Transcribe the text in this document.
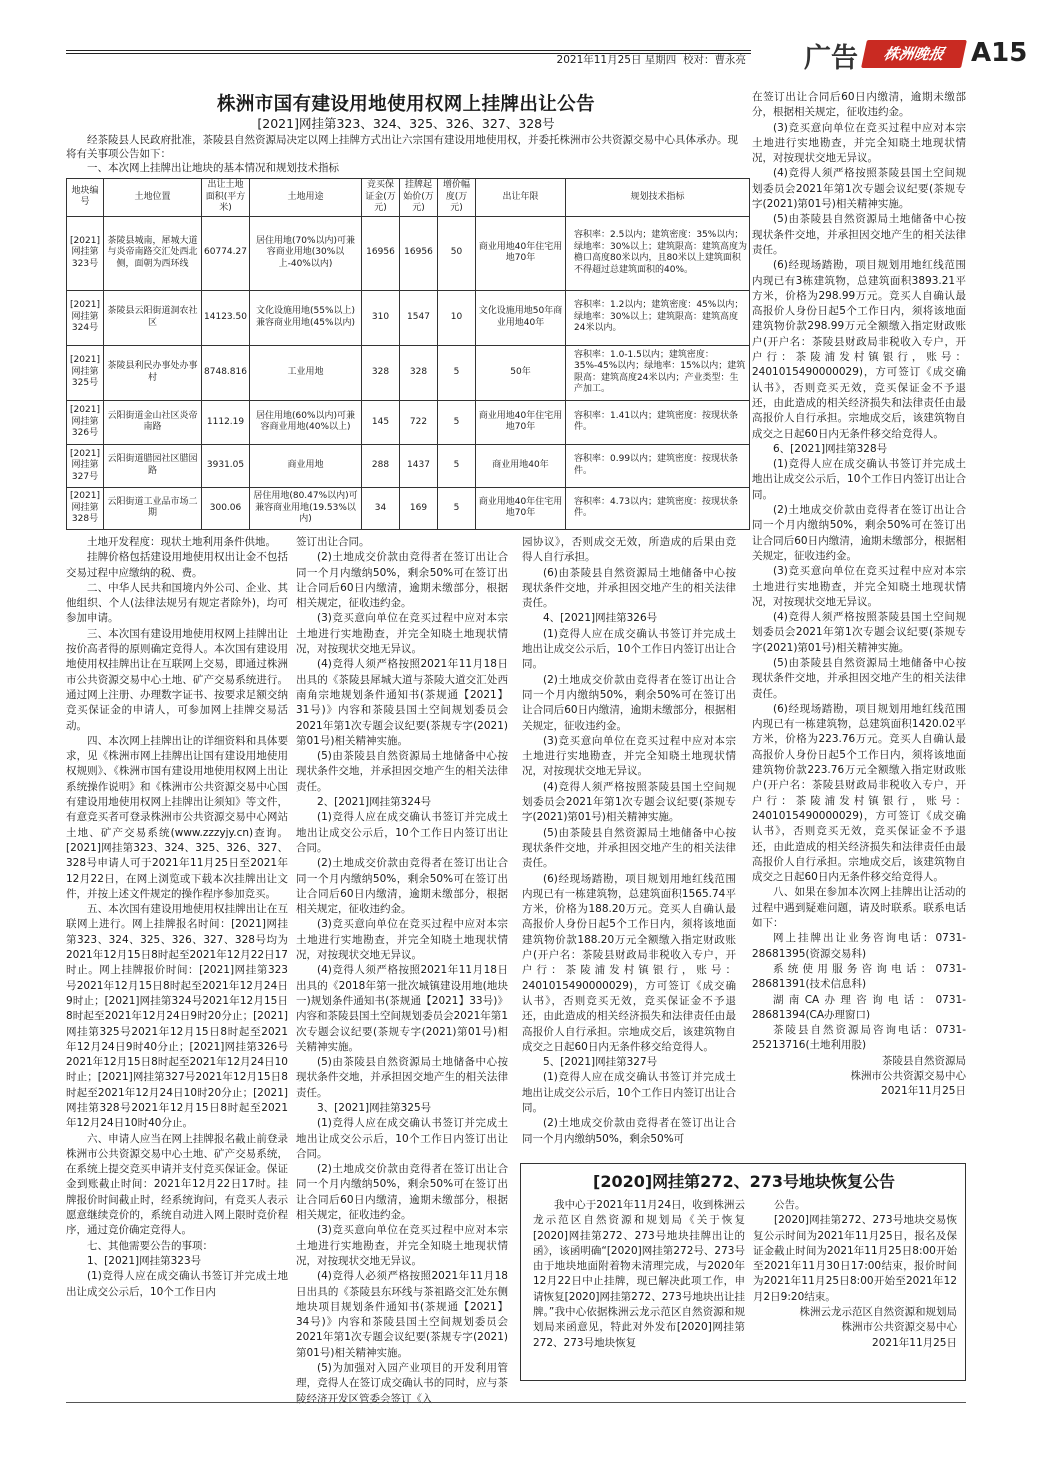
2021年11月25日 星期四 校对：曹永亮 广告	株洲晚报 A15
株洲市国有建设用地使用权网上挂牌出让公告
[2021]网挂第323、324、325、326、327、328号

经茶陵县人民政府批准，茶陵县自然资源局决定以网上挂牌方式出让六宗国有建设用地使用权，并委托株洲市公共资源交易中心具体承办。现将有关事项公告如下：

一、本次网上挂牌出让地块的基本情况和规划技术指标

地块编号	土地位置	出让土地面积(平方米)	土地用途	竞买保证金(万元)	挂牌起始价(万元)	增价幅度(万元)	出让年限	规划技术指标
[2021]网挂第323号	茶陵县城南，犀城大道与炎帝南路交汇处西北侧，面朝为西环线	60774.27	居住用地(70%以内)可兼容商业用地(30%以上-40%以内)	16956	16956	50	商业用地40年住宅用地70年	容积率：2.5以内；建筑密度：35%以内；绿地率：30%以上；建筑限高：建筑高度为檐口高度80米以内，且80米以上建筑面积不得超过总建筑面积的40%。
[2021]网挂第324号	茶陵县云阳街道洞农社区	14123.50	文化设施用地(55%以上)兼容商业用地(45%以内)	310	1547	10	文化设施用地50年商业用地40年	容积率：1.2以内；建筑密度：45%以内；绿地率：30%以上；建筑限高：建筑高度24米以内。
[2021]网挂第325号	茶陵县利民办事处办事村	8748.816	工业用地	328	328	5	50年	容积率：1.0-1.5以内；建筑密度：35%-45%以内；绿地率：15%以内；建筑限高：建筑高度24米以内；产业类型：生产加工。
[2021]网挂第326号	云阳街道金山社区炎帝南路	1112.19	居住用地(60%以内)可兼容商业用地(40%以上)	145	722	5	商业用地40年住宅用地70年	容积率：1.41以内；建筑密度：按现状条件。
[2021]网挂第327号	云阳街道腊园社区腊园路	3931.05	商业用地	288	1437	5	商业用地40年	容积率：0.99以内；建筑密度：按现状条件。
[2021]网挂第328号	云阳街道工业品市场二期	300.06	居住用地(80.47%以内)可兼容商业用地(19.53%以内)	34	169	5	商业用地40年住宅用地70年	容积率：4.73以内；建筑密度：按现状条件。

土地开发程度：现状土地利用条件供地。

挂牌价格包括建设用地使用权出让金不包括交易过程中应缴纳的税、费。

二、中华人民共和国境内外公司、企业、其他组织、个人(法律法规另有规定者除外)，均可参加申请。

三、本次国有建设用地使用权网上挂牌出让按价高者得的原则确定竞得人。本次国有建设用地使用权挂牌出让在互联网上交易，即通过株洲市公共资源交易中心土地、矿产交易系统进行。通过网上注册、办理数字证书、按要求足额交纳竞买保证金的申请人，可参加网上挂牌交易活动。

四、本次网上挂牌出让的详细资料和具体要求，见《株洲市网上挂牌出让国有建设用地使用权规则》、《株洲市国有建设用地使用权网上出让系统操作说明》和《株洲市公共资源交易中心国有建设用地使用权网上挂牌出让须知》等文件，有意竞买者可登录株洲市公共资源交易中心网站土地、矿产交易系统(www.zzzyjy.cn)查询。[2021]网挂第323、324、325、326、327、328号申请人可于2021年11月25日至2021年12月22日，在网上浏览或下载本次挂牌出让文件，并按上述文件规定的操作程序参加竞买。

五、本次国有建设用地使用权挂牌出让在互联网上进行。网上挂牌报名时间：[2021]网挂第323、324、325、326、327、328号均为2021年12月15日8时起至2021年12月22日17时止。网上挂牌报价时间：[2021]网挂第323号2021年12月15日8时起至2021年12月24日9时止；[2021]网挂第324号2021年12月15日8时起至2021年12月24日9时20分止；[2021]网挂第325号2021年12月15日8时起至2021年12月24日9时40分止；[2021]网挂第326号2021年12月15日8时起至2021年12月24日10时止；[2021]网挂第327号2021年12月15日8时起至2021年12月24日10时20分止；[2021]网挂第328号2021年12月15日8时起至2021年12月24日10时40分止。

六、申请人应当在网上挂牌报名截止前登录株洲市公共资源交易中心土地、矿产交易系统，在系统上提交竞买申请并支付竞买保证金。保证金到账截止时间：2021年12月22日17时。挂牌报价时间截止时，经系统询问，有竞买人表示愿意继续竞价的，系统自动进入网上限时竞价程序，通过竞价确定竞得人。

七、其他需要公告的事项：

1、[2021]网挂第323号

(1)竞得人应在成交确认书签订并完成土地出让成交公示后，10个工作日内

签订出让合同。

(2)土地成交价款由竞得者在签订出让合同一个月内缴纳50%，剩余50%可在签订出让合同后60日内缴清，逾期未缴部分，根据相关规定，征收违约金。

(3)竞买意向单位在竞买过程中应对本宗土地进行实地勘查，并完全知晓土地现状情况，对按现状交地无异议。

(4)竞得人须严格按照2021年11月18日出具的《茶陵县犀城大道与茶陵大道交汇处西南角宗地规划条件通知书(茶规通【2021】31号)》内容和茶陵县国土空间规划委员会2021年第1次专题会议纪要(茶规专字(2021)第01号)相关精神实施。

(5)由茶陵县自然资源局土地储备中心按现状条件交地，并承担因交地产生的相关法律责任。

2、[2021]网挂第324号

(1)竞得人应在成交确认书签订并完成土地出让成交公示后，10个工作日内签订出让合同。

(2)土地成交价款由竞得者在签订出让合同一个月内缴纳50%，剩余50%可在签订出让合同后60日内缴清，逾期未缴部分，根据相关规定，征收违约金。

(3)竞买意向单位在竞买过程中应对本宗土地进行实地勘查，并完全知晓土地现状情况，对按现状交地无异议。

(4)竞得人须严格按照2021年11月18日出具的《2018年第一批次城镇建设用地(地块一)规划条件通知书(茶规通【2021】33号)》内容和茶陵县国土空间规划委员会2021年第1次专题会议纪要(茶规专字(2021)第01号)相关精神实施。

(5)由茶陵县自然资源局土地储备中心按现状条件交地，并承担因交地产生的相关法律责任。

3、[2021]网挂第325号

(1)竞得人应在成交确认书签订并完成土地出让成交公示后，10个工作日内签订出让合同。

(2)土地成交价款由竞得者在签订出让合同一个月内缴纳50%，剩余50%可在签订出让合同后60日内缴清，逾期未缴部分，根据相关规定，征收违约金。

(3)竞买意向单位在竞买过程中应对本宗土地进行实地勘查，并完全知晓土地现状情况，对按现状交地无异议。

(4)竞得人必须严格按照2021年11月18日出具的《茶陵县东环线与茶祖路交汇处东侧地块项目规划条件通知书(茶规通【2021】34号)》内容和茶陵县国土空间规划委员会2021年第1次专题会议纪要(茶规专字(2021)第01号)相关精神实施。

(5)为加强对入园产业项目的开发利用管理，竞得人在签订成交确认书的同时，应与茶陵经济开发区管委会签订《入

园协议》，否则成交无效，所造成的后果由竞得人自行承担。

(6)由茶陵县自然资源局土地储备中心按现状条件交地，并承担因交地产生的相关法律责任。

4、[2021]网挂第326号

(1)竞得人应在成交确认书签订并完成土地出让成交公示后，10个工作日内签订出让合同。

(2)土地成交价款由竞得者在签订出让合同一个月内缴纳50%，剩余50%可在签订出让合同后60日内缴清，逾期未缴部分，根据相关规定，征收违约金。

(3)竞买意向单位在竞买过程中应对本宗土地进行实地勘查，并完全知晓土地现状情况，对按现状交地无异议。

(4)竞得人须严格按照茶陵县国土空间规划委员会2021年第1次专题会议纪要(茶规专字(2021)第01号)相关精神实施。

(5)由茶陵县自然资源局土地储备中心按现状条件交地，并承担因交地产生的相关法律责任。

(6)经现场踏勘，项目规划用地红线范围内现已有一栋建筑物，总建筑面积1565.74平方米，价格为188.20万元。竞买人自确认最高报价人身份日起5个工作日内，须将该地面建筑物价款188.20万元全额缴入指定财政账户(开户名：茶陵县财政局非税收入专户，开户行：茶陵浦发村镇银行，账号：2401015490000029)，方可签订《成交确认书》，否则竞买无效，竞买保证金不予退还，由此造成的相关经济损失和法律责任由最高报价人自行承担。宗地成交后，该建筑物自成交之日起60日内无条件移交给竞得人。

5、[2021]网挂第327号

(1)竞得人应在成交确认书签订并完成土地出让成交公示后，10个工作日内签订出让合同。

(2)土地成交价款由竞得者在签订出让合同一个月内缴纳50%，剩余50%可

在签订出让合同后60日内缴清，逾期未缴部分，根据相关规定，征收违约金。

(3)竞买意向单位在竞买过程中应对本宗土地进行实地勘查，并完全知晓土地现状情况，对按现状交地无异议。

(4)竞得人须严格按照茶陵县国土空间规划委员会2021年第1次专题会议纪要(茶规专字(2021)第01号)相关精神实施。

(5)由茶陵县自然资源局土地储备中心按现状条件交地，并承担因交地产生的相关法律责任。

(6)经现场踏勘，项目规划用地红线范围内现已有3栋建筑物，总建筑面积3893.21平方米，价格为298.99万元。竞买人自确认最高报价人身份日起5个工作日内，须将该地面建筑物价款298.99万元全额缴入指定财政账户(开户名：茶陵县财政局非税收入专户，开户行：茶陵浦发村镇银行，账号：2401015490000029)，方可签订《成交确认书》，否则竞买无效，竞买保证金不予退还，由此造成的相关经济损失和法律责任由最高报价人自行承担。宗地成交后，该建筑物自成交之日起60日内无条件移交给竞得人。

6、[2021]网挂第328号

(1)竞得人应在成交确认书签订并完成土地出让成交公示后，10个工作日内签订出让合同。

(2)土地成交价款由竞得者在签订出让合同一个月内缴纳50%，剩余50%可在签订出让合同后60日内缴清，逾期未缴部分，根据相关规定，征收违约金。

(3)竞买意向单位在竞买过程中应对本宗土地进行实地勘查，并完全知晓土地现状情况，对按现状交地无异议。

(4)竞得人须严格按照茶陵县国土空间规划委员会2021年第1次专题会议纪要(茶规专字(2021)第01号)相关精神实施。

(5)由茶陵县自然资源局土地储备中心按现状条件交地，并承担因交地产生的相关法律责任。

(6)经现场踏勘，项目规划用地红线范围内现已有一栋建筑物，总建筑面积1420.02平方米，价格为223.76万元。竞买人自确认最高报价人身份日起5个工作日内，须将该地面建筑物价款223.76万元全额缴入指定财政账户(开户名：茶陵县财政局非税收入专户，开户行：茶陵浦发村镇银行，账号：2401015490000029)，方可签订《成交确认书》，否则竞买无效，竞买保证金不予退还，由此造成的相关经济损失和法律责任由最高报价人自行承担。宗地成交后，该建筑物自成交之日起60日内无条件移交给竞得人。

八、如果在参加本次网上挂牌出让活动的过程中遇到疑难问题，请及时联系。联系电话如下：

网上挂牌出让业务咨询电话：0731-28681395(资源交易科)

系统使用服务咨询电话：0731-28681391(技术信息科)

湖南CA办理咨询电话：0731-28681394(CA办理窗口)

茶陵县自然资源局咨询电话：0731-25213716(土地利用股)

茶陵县自然资源局

株洲市公共资源交易中心

2021年11月25日

[2020]网挂第272、273号地块恢复公告

我中心于2021年11月24日，收到株洲云龙示范区自然资源和规划局《关于恢复[2020]网挂第272、273号地块挂牌出让的函》，该函明确“[2020]网挂第272号、273号由于地块地面附着物未清理完成，与2020年12月22日中止挂牌，现已解决此项工作，申请恢复[2020]网挂第272、273号地块出让挂牌。”我中心依据株洲云龙示范区自然资源和规划局来函意见，特此对外发布[2020]网挂第272、273号地块恢复

公告。

[2020]网挂第272、273号地块交易恢复公示时间为2021年11月25日，报名及保证金截止时间为2021年11月25日8:00开始至2021年11月30日17:00结束，报价时间为2021年11月25日8:00开始至2021年12月2日9:20结束。

株洲云龙示范区自然资源和规划局

株洲市公共资源交易中心

2021年11月25日
